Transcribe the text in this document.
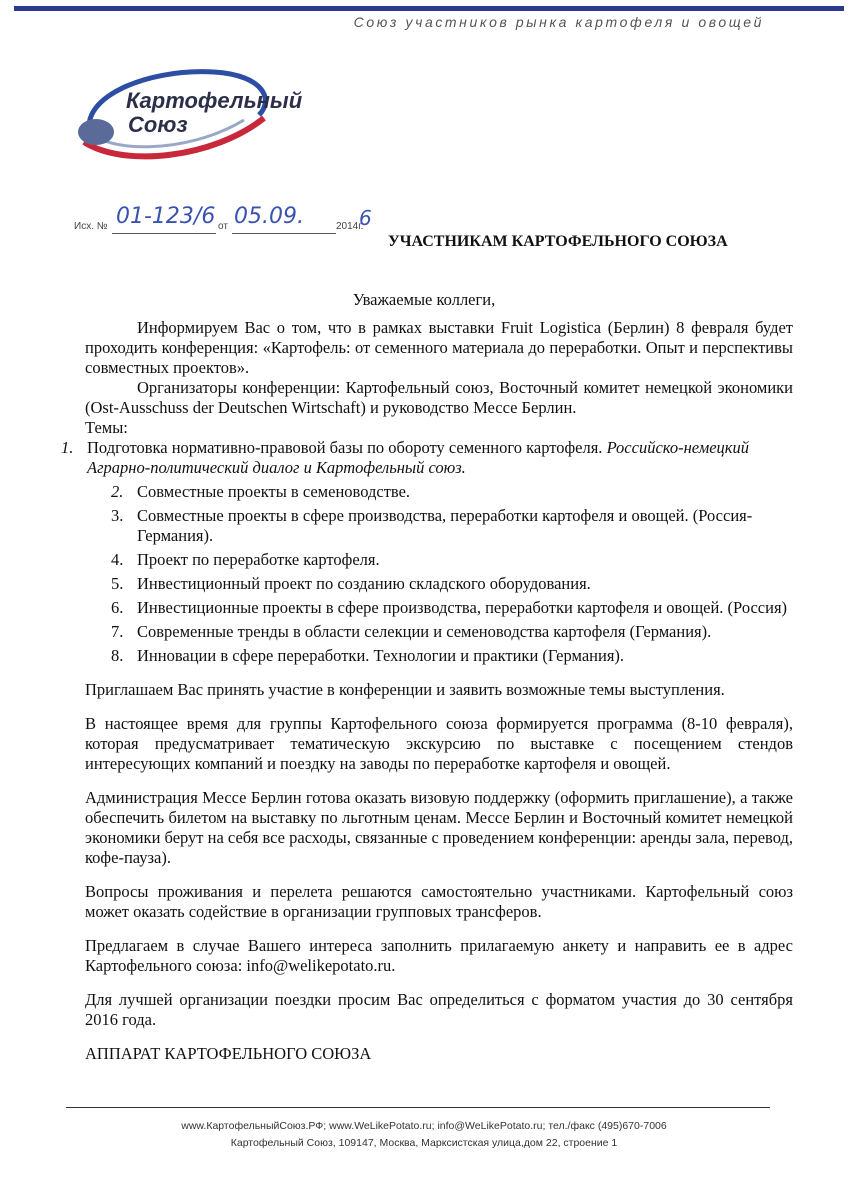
Союз участников рынка картофеля и овощей
Картофельный
Союз
Исх. № 01-123/6 от 05.09.	2014г.
6
УЧАСТНИКАМ КАРТОФЕЛЬНОГО СОЮЗА
Уважаемые коллеги,

Информируем Вас о том, что в рамках выставки Fruit Logistica (Берлин) 8 февраля будет проходить конференция: «Картофель: от семенного материала до переработки. Опыт и перспективы совместных проектов».

Организаторы конференции: Картофельный союз, Восточный комитет немецкой экономики (Ost-Ausschuss der Deutschen Wirtschaft) и руководство Мессе Берлин.

Темы:

1. Подготовка нормативно-правовой базы по обороту семенного картофеля. Российско-немецкий Аграрно-политический диалог и Картофельный союз.
2. Совместные проекты в семеноводстве.
3. Совместные проекты в сфере производства, переработки картофеля и овощей. (Россия-Германия).
4. Проект по переработке картофеля.
5. Инвестиционный проект по созданию складского оборудования.
6. Инвестиционные проекты в сфере производства, переработки картофеля и овощей. (Россия)
7. Современные тренды в области селекции и семеноводства картофеля (Германия).
8. Инновации в сфере переработки. Технологии и практики (Германия).

Приглашаем Вас принять участие в конференции и заявить возможные темы выступления.

В настоящее время для группы Картофельного союза формируется программа (8-10 февраля), которая предусматривает тематическую экскурсию по выставке с посещением стендов интересующих компаний и поездку на заводы по переработке картофеля и овощей.

Администрация Мессе Берлин готова оказать визовую поддержку (оформить приглашение), а также обеспечить билетом на выставку по льготным ценам. Мессе Берлин и Восточный комитет немецкой экономики берут на себя все расходы, связанные с проведением конференции: аренды зала, перевод, кофе-пауза).

Вопросы проживания и перелета решаются самостоятельно участниками. Картофельный союз может оказать содействие в организации групповых трансферов.

Предлагаем в случае Вашего интереса заполнить прилагаемую анкету и направить ее в адрес Картофельного союза: info@welikepotato.ru.

Для лучшей организации поездки просим Вас определиться с форматом участия до 30 сентября 2016 года.

АППАРАТ КАРТОФЕЛЬНОГО СОЮЗА

www.КартофельныйСоюз.РФ; www.WeLikePotato.ru; info@WeLikePotato.ru; тел./факс (495)670-7006
Картофельный Союз, 109147, Москва, Марксистская улица,дом 22, строение 1
